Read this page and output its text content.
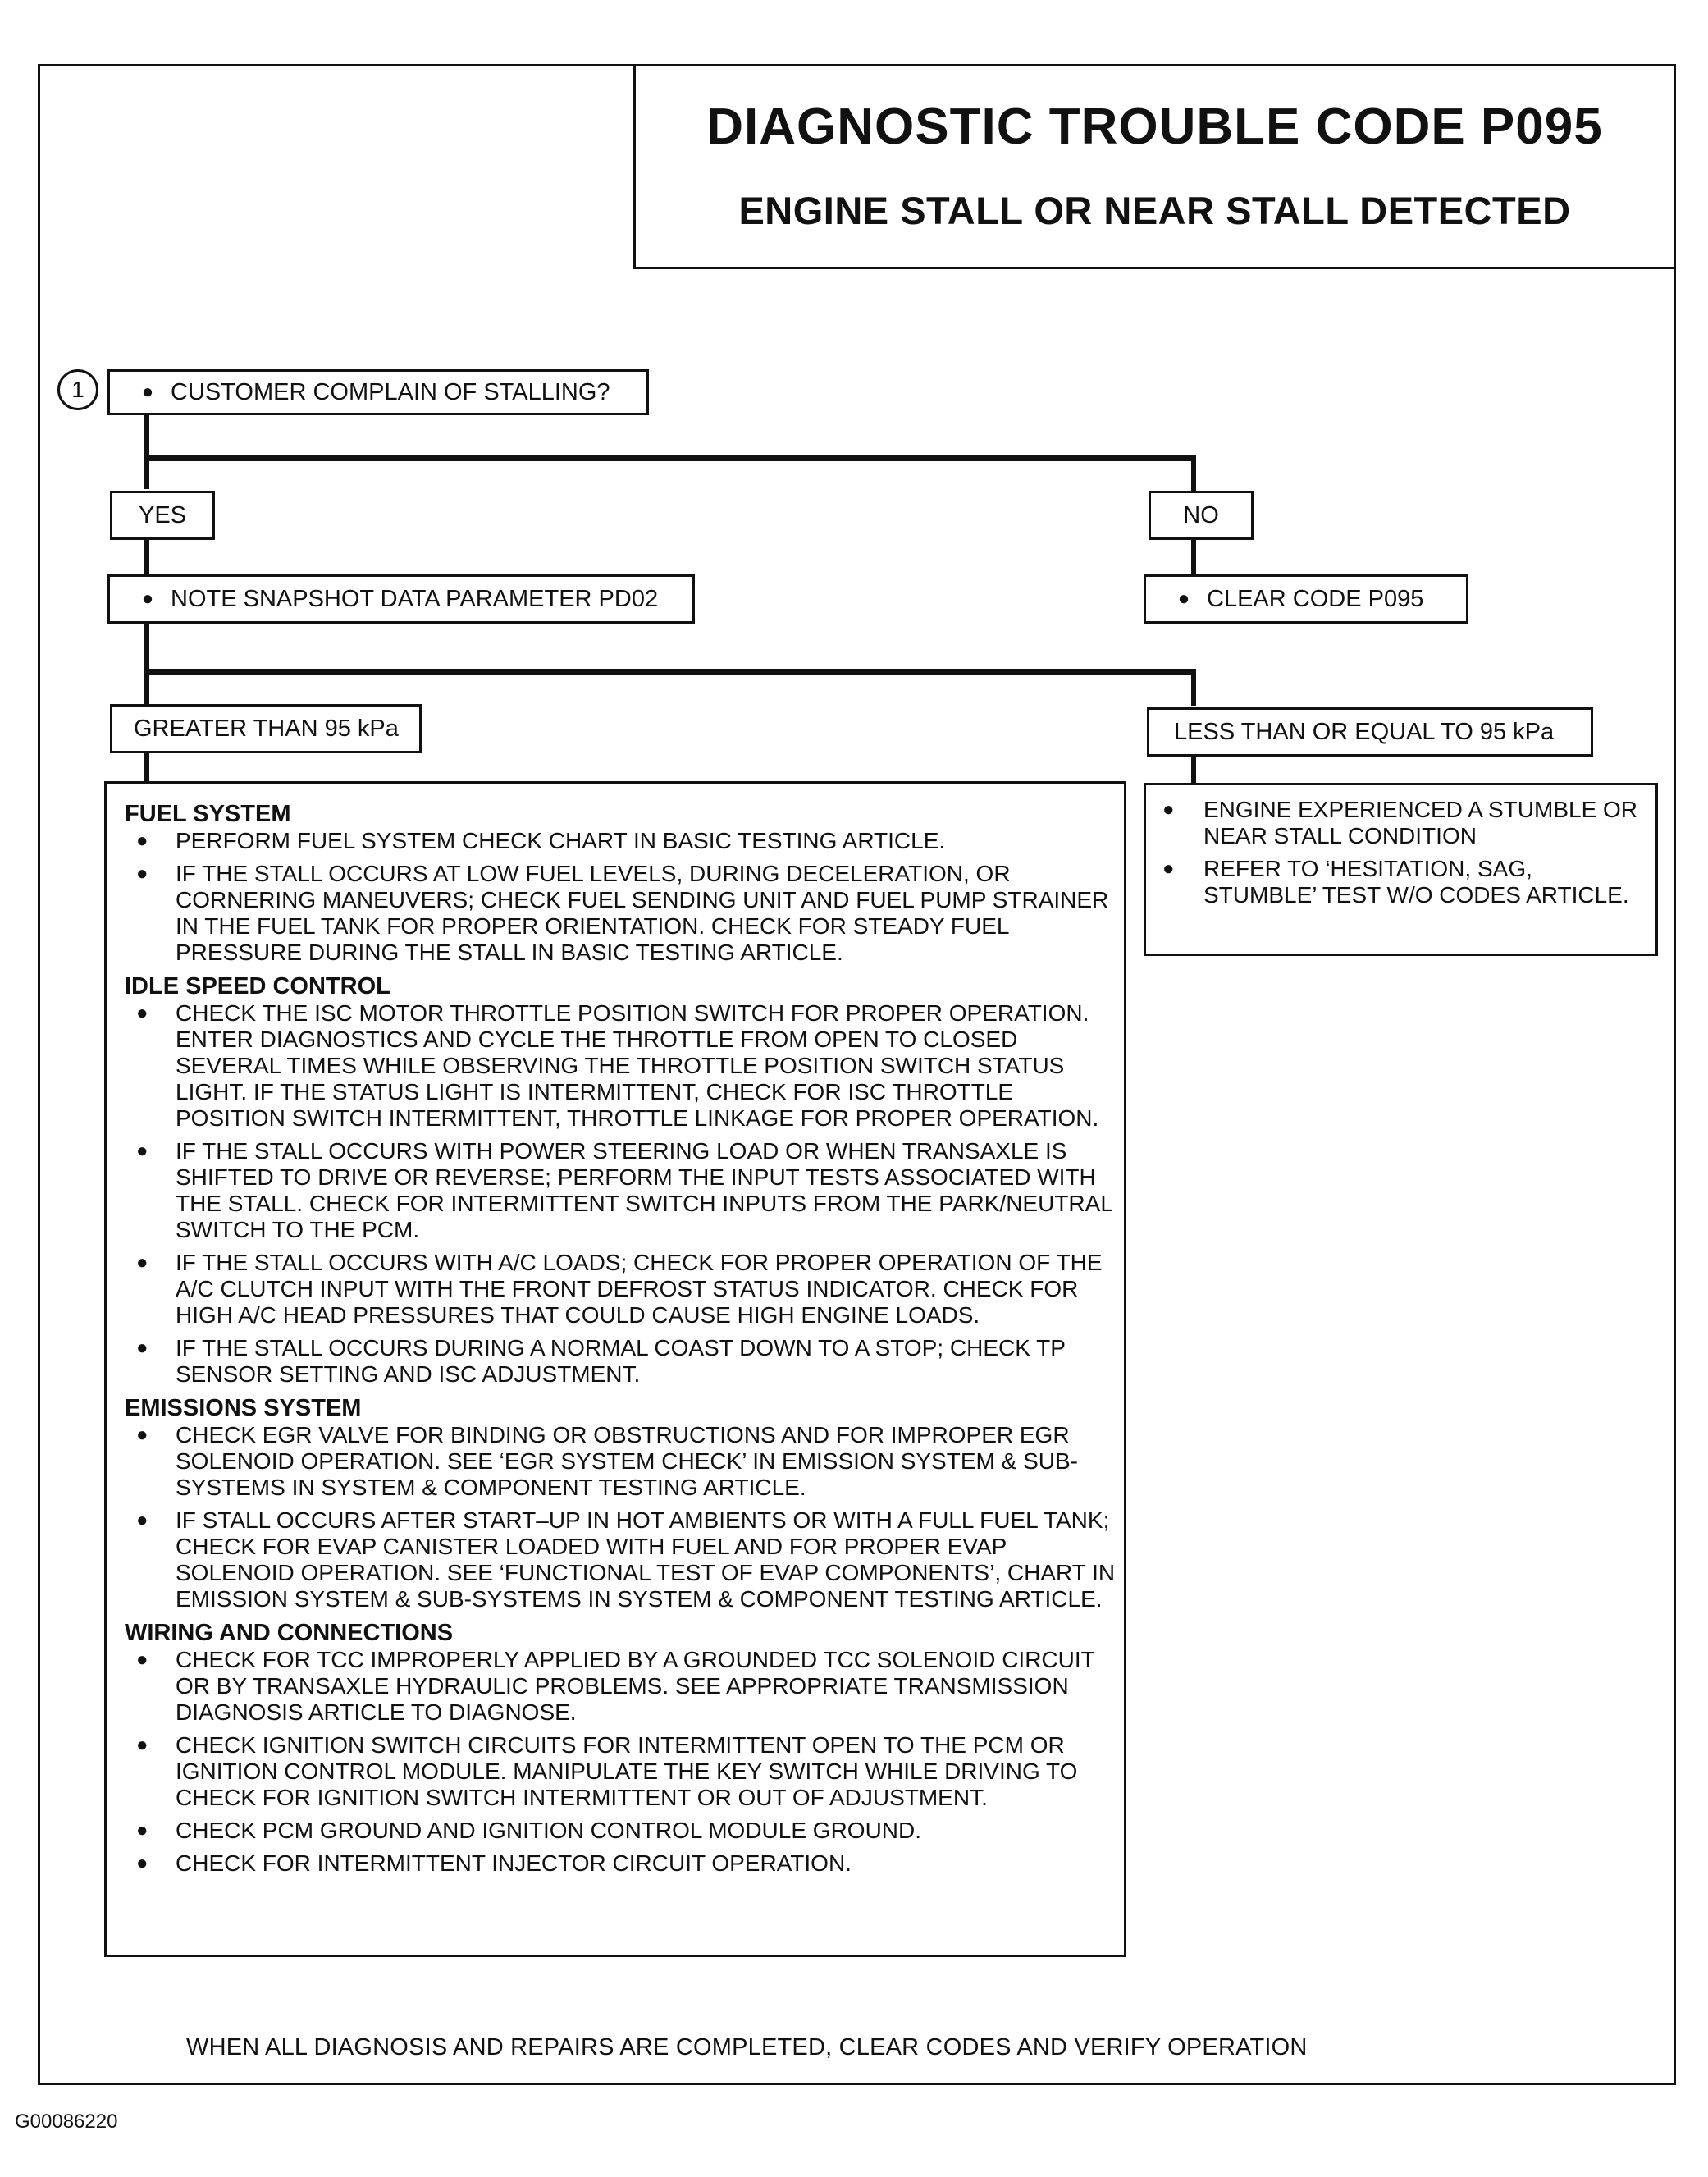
DIAGNOSTIC TROUBLE CODE P095
ENGINE STALL OR NEAR STALL DETECTED
1	● CUSTOMER COMPLAIN OF STALLING?
YES	NO
● NOTE SNAPSHOT DATA PARAMETER PD02	● CLEAR CODE P095
GREATER THAN 95 kPa	LESS THAN OR EQUAL TO 95 kPa
FUEL SYSTEM
● PERFORM FUEL SYSTEM CHECK CHART IN BASIC TESTING ARTICLE.
● IF THE STALL OCCURS AT LOW FUEL LEVELS, DURING DECELERATION, OR CORNERING MANEUVERS; CHECK FUEL SENDING UNIT AND FUEL PUMP STRAINER IN THE FUEL TANK FOR PROPER ORIENTATION. CHECK FOR STEADY FUEL PRESSURE DURING THE STALL IN BASIC TESTING ARTICLE.
IDLE SPEED CONTROL
● CHECK THE ISC MOTOR THROTTLE POSITION SWITCH FOR PROPER OPERATION. ENTER DIAGNOSTICS AND CYCLE THE THROTTLE FROM OPEN TO CLOSED SEVERAL TIMES WHILE OBSERVING THE THROTTLE POSITION SWITCH STATUS LIGHT. IF THE STATUS LIGHT IS INTERMITTENT, CHECK FOR ISC THROTTLE POSITION SWITCH INTERMITTENT, THROTTLE LINKAGE FOR PROPER OPERATION.
● IF THE STALL OCCURS WITH POWER STEERING LOAD OR WHEN TRANSAXLE IS SHIFTED TO DRIVE OR REVERSE; PERFORM THE INPUT TESTS ASSOCIATED WITH THE STALL. CHECK FOR INTERMITTENT SWITCH INPUTS FROM THE PARK/NEUTRAL SWITCH TO THE PCM.
● IF THE STALL OCCURS WITH A/C LOADS; CHECK FOR PROPER OPERATION OF THE A/C CLUTCH INPUT WITH THE FRONT DEFROST STATUS INDICATOR. CHECK FOR HIGH A/C HEAD PRESSURES THAT COULD CAUSE HIGH ENGINE LOADS.
● IF THE STALL OCCURS DURING A NORMAL COAST DOWN TO A STOP; CHECK TP SENSOR SETTING AND ISC ADJUSTMENT.
EMISSIONS SYSTEM
● CHECK EGR VALVE FOR BINDING OR OBSTRUCTIONS AND FOR IMPROPER EGR SOLENOID OPERATION. SEE ‘EGR SYSTEM CHECK’ IN EMISSION SYSTEM & SUB-SYSTEMS IN SYSTEM & COMPONENT TESTING ARTICLE.
● IF STALL OCCURS AFTER START–UP IN HOT AMBIENTS OR WITH A FULL FUEL TANK; CHECK FOR EVAP CANISTER LOADED WITH FUEL AND FOR PROPER EVAP SOLENOID OPERATION. SEE ‘FUNCTIONAL TEST OF EVAP COMPONENTS’, CHART IN EMISSION SYSTEM & SUB-SYSTEMS IN SYSTEM & COMPONENT TESTING ARTICLE.
WIRING AND CONNECTIONS
● CHECK FOR TCC IMPROPERLY APPLIED BY A GROUNDED TCC SOLENOID CIRCUIT OR BY TRANSAXLE HYDRAULIC PROBLEMS. SEE APPROPRIATE TRANSMISSION DIAGNOSIS ARTICLE TO DIAGNOSE.
● CHECK IGNITION SWITCH CIRCUITS FOR INTERMITTENT OPEN TO THE PCM OR IGNITION CONTROL MODULE. MANIPULATE THE KEY SWITCH WHILE DRIVING TO CHECK FOR IGNITION SWITCH INTERMITTENT OR OUT OF ADJUSTMENT.
● CHECK PCM GROUND AND IGNITION CONTROL MODULE GROUND.
● CHECK FOR INTERMITTENT INJECTOR CIRCUIT OPERATION.
● ENGINE EXPERIENCED A STUMBLE OR NEAR STALL CONDITION
● REFER TO ‘HESITATION, SAG, STUMBLE’ TEST W/O CODES ARTICLE.
WHEN ALL DIAGNOSIS AND REPAIRS ARE COMPLETED, CLEAR CODES AND VERIFY OPERATION
G00086220
